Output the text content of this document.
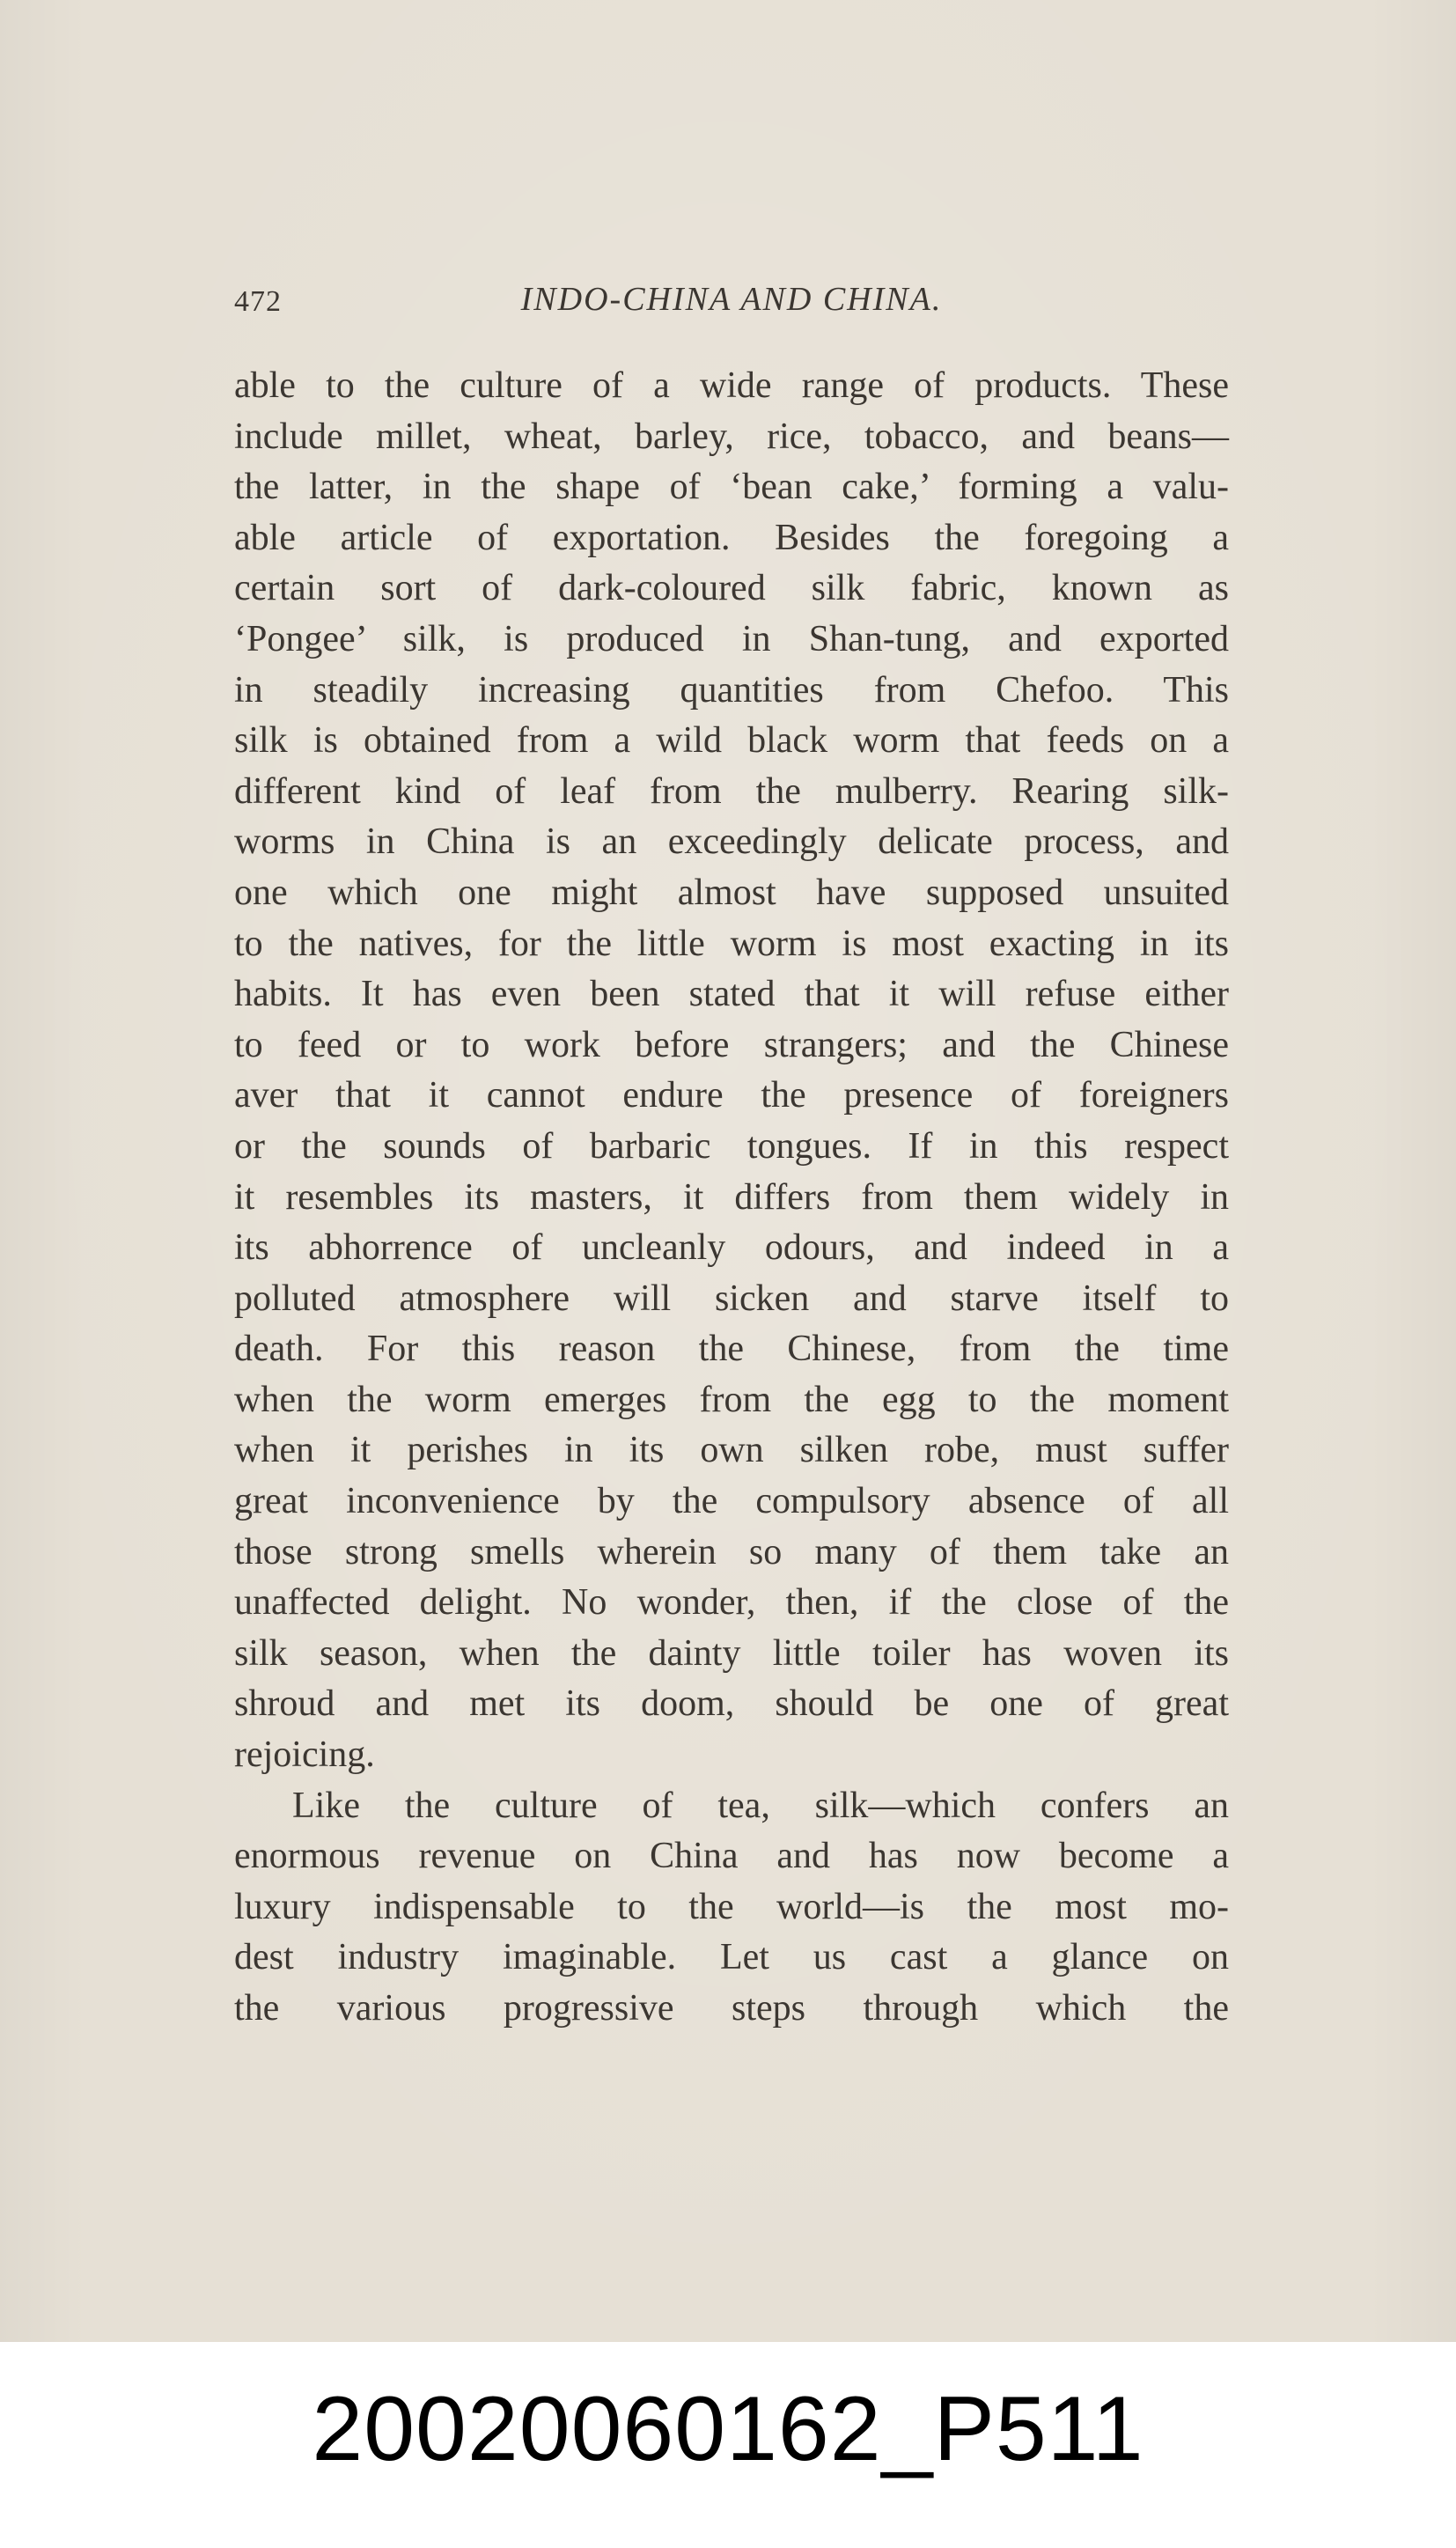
472	INDO-CHINA AND CHINA.
able to the culture of a wide range of products. These
include millet, wheat, barley, rice, tobacco, and beans—
the latter, in the shape of ‘bean cake,’ forming a valu-
able article of exportation. Besides the foregoing a
certain sort of dark-coloured silk fabric, known as
‘Pongee’ silk, is produced in Shan-tung, and exported
in steadily increasing quantities from Chefoo. This
silk is obtained from a wild black worm that feeds on a
different kind of leaf from the mulberry. Rearing silk-
worms in China is an exceedingly delicate process, and
one which one might almost have supposed unsuited
to the natives, for the little worm is most exacting in its
habits. It has even been stated that it will refuse either
to feed or to work before strangers; and the Chinese
aver that it cannot endure the presence of foreigners
or the sounds of barbaric tongues. If in this respect
it resembles its masters, it differs from them widely in
its abhorrence of uncleanly odours, and indeed in a
polluted atmosphere will sicken and starve itself to
death. For this reason the Chinese, from the time
when the worm emerges from the egg to the moment
when it perishes in its own silken robe, must suffer
great inconvenience by the compulsory absence of all
those strong smells wherein so many of them take an
unaffected delight. No wonder, then, if the close of the
silk season, when the dainty little toiler has woven its
shroud and met its doom, should be one of great
rejoicing.
Like the culture of tea, silk—which confers an
enormous revenue on China and has now become a
luxury indispensable to the world—is the most mo-
dest industry imaginable. Let us cast a glance on
the various progressive steps through which the
20020060162_P511
